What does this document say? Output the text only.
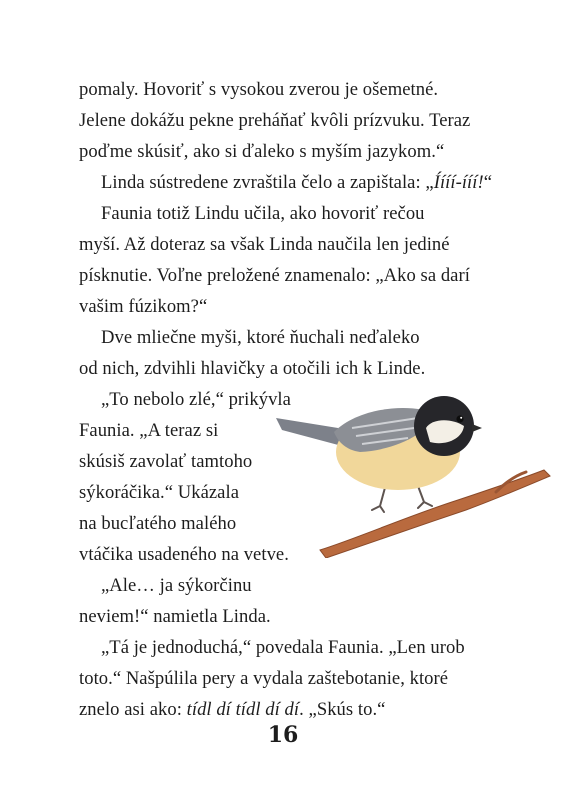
pomaly. Hovoriť s vysokou zverou je ošemetné.
Jelene dokážu pekne preháňať kvôli prízvuku. Teraz
poďme skúsiť, ako si ďaleko s myším jazykom.“
Linda sústredene zvraštila čelo a zapištala: „Íííí-ííí!“
Faunia totiž Lindu učila, ako hovoriť rečou
myší. Až doteraz sa však Linda naučila len jediné
písknutie. Voľne preložené znamenalo: „Ako sa darí
vašim fúzikom?“
Dve mliečne myši, ktoré ňuchali neďaleko
od nich, zdvihli hlavičky a otočili ich k Linde.
„To nebolo zlé,“ prikývla
Faunia. „A teraz si
skúsiš zavolať tamtoho
sýkoráčika.“ Ukázala
na bucľatého malého
vtáčika usadeného na vetve.
„Ale… ja sýkorčinu
neviem!“ namietla Linda.
„Tá je jednoduchá,“ povedala Faunia. „Len urob
toto.“ Našpúlila pery a vydala zaštebotanie, ktoré
znelo asi ako: tídl dí tídl dí dí. „Skús to.“
16
